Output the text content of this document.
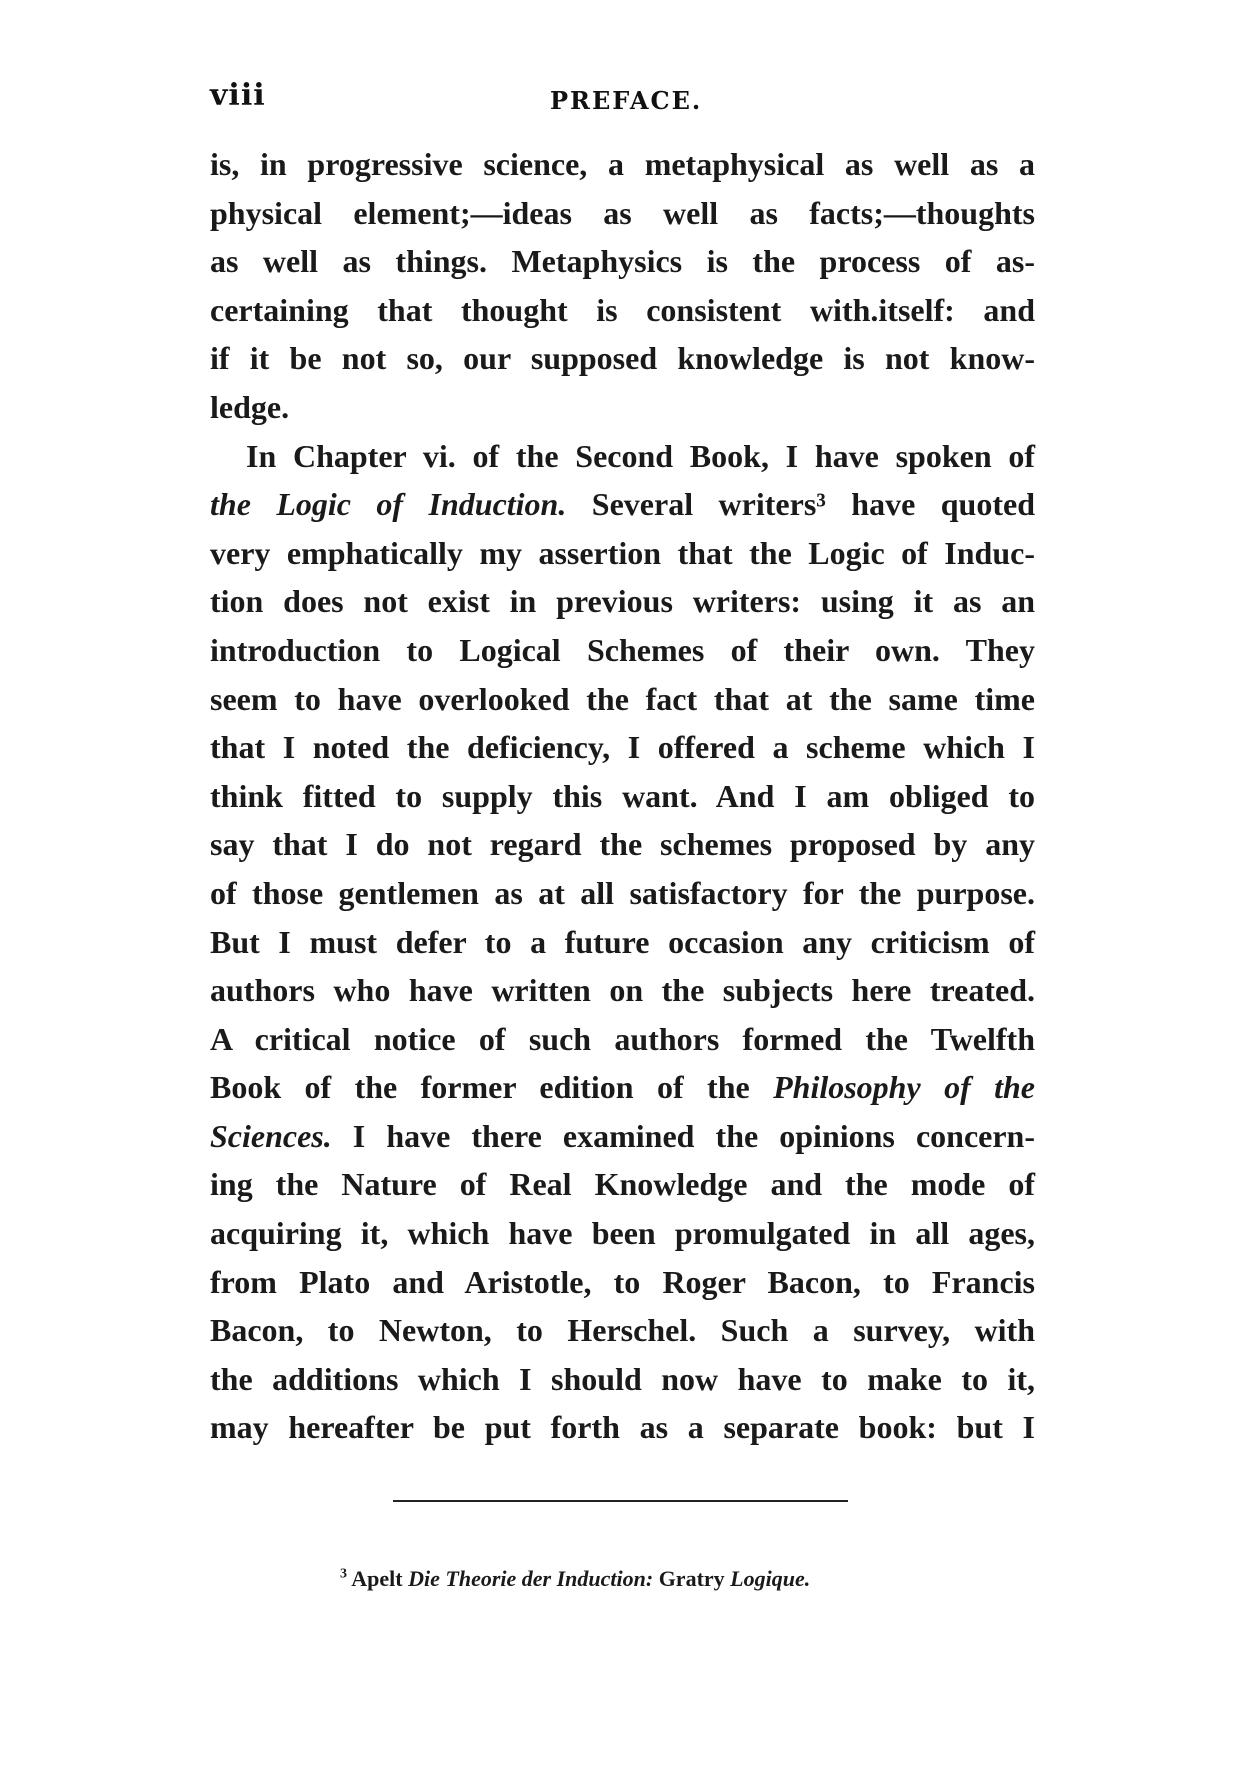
viii	PREFACE.
is, in progressive science, a metaphysical as well as a
physical element;—ideas as well as facts;—thoughts
as well as things. Metaphysics is the process of as-
certaining that thought is consistent with.itself: and
if it be not so, our supposed knowledge is not know-
ledge.
In Chapter vi. of the Second Book, I have spoken of
the Logic of Induction. Several writers³ have quoted
very emphatically my assertion that the Logic of Induc-
tion does not exist in previous writers: using it as an
introduction to Logical Schemes of their own. They
seem to have overlooked the fact that at the same time
that I noted the deficiency, I offered a scheme which I
think fitted to supply this want. And I am obliged to
say that I do not regard the schemes proposed by any
of those gentlemen as at all satisfactory for the purpose.
But I must defer to a future occasion any criticism of
authors who have written on the subjects here treated.
A critical notice of such authors formed the Twelfth
Book of the former edition of the Philosophy of the
Sciences. I have there examined the opinions concern-
ing the Nature of Real Knowledge and the mode of
acquiring it, which have been promulgated in all ages,
from Plato and Aristotle, to Roger Bacon, to Francis
Bacon, to Newton, to Herschel. Such a survey, with
the additions which I should now have to make to it,
may hereafter be put forth as a separate book: but I
$^3$ Apelt Die Theorie der Induction: Gratry Logique.
